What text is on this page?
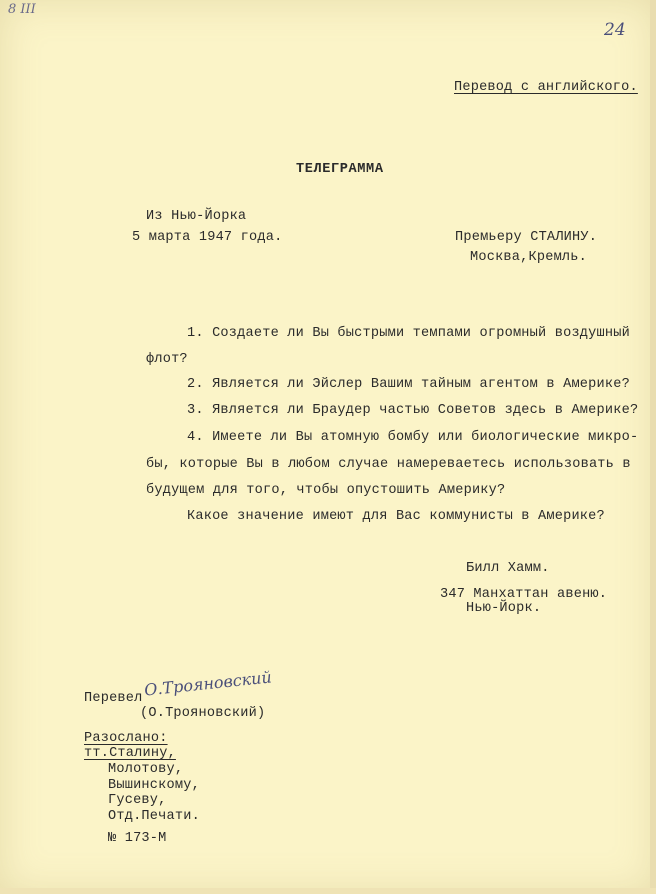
8 III
24
Перевод с английского.
ТЕЛЕГРАММА
Из Нью-Йорка
5 марта 1947 года.	Премьеру СТАЛИНУ.
Москва,Кремль.
1. Создаете ли Вы быстрыми темпами огромный воздушный
флот?
2. Является ли Эйслер Вашим тайным агентом в Америке?
3. Является ли Браудер частью Советов здесь в Америке?
4. Имеете ли Вы атомную бомбу или биологические микро-
бы, которые Вы в любом случае намереваетесь использовать в
будущем для того, чтобы опустошить Америку?
Какое значение имеют для Вас коммунисты в Америке?
Билл Хамм.
347 Манхаттан авеню.
Нью-Йорк.
Перевел О.Трояновский
(О.Трояновский)
Разослано:
тт.Сталину,
Молотову,
Вышинскому,
Гусеву,
Отд.Печати.
№ 173-М
